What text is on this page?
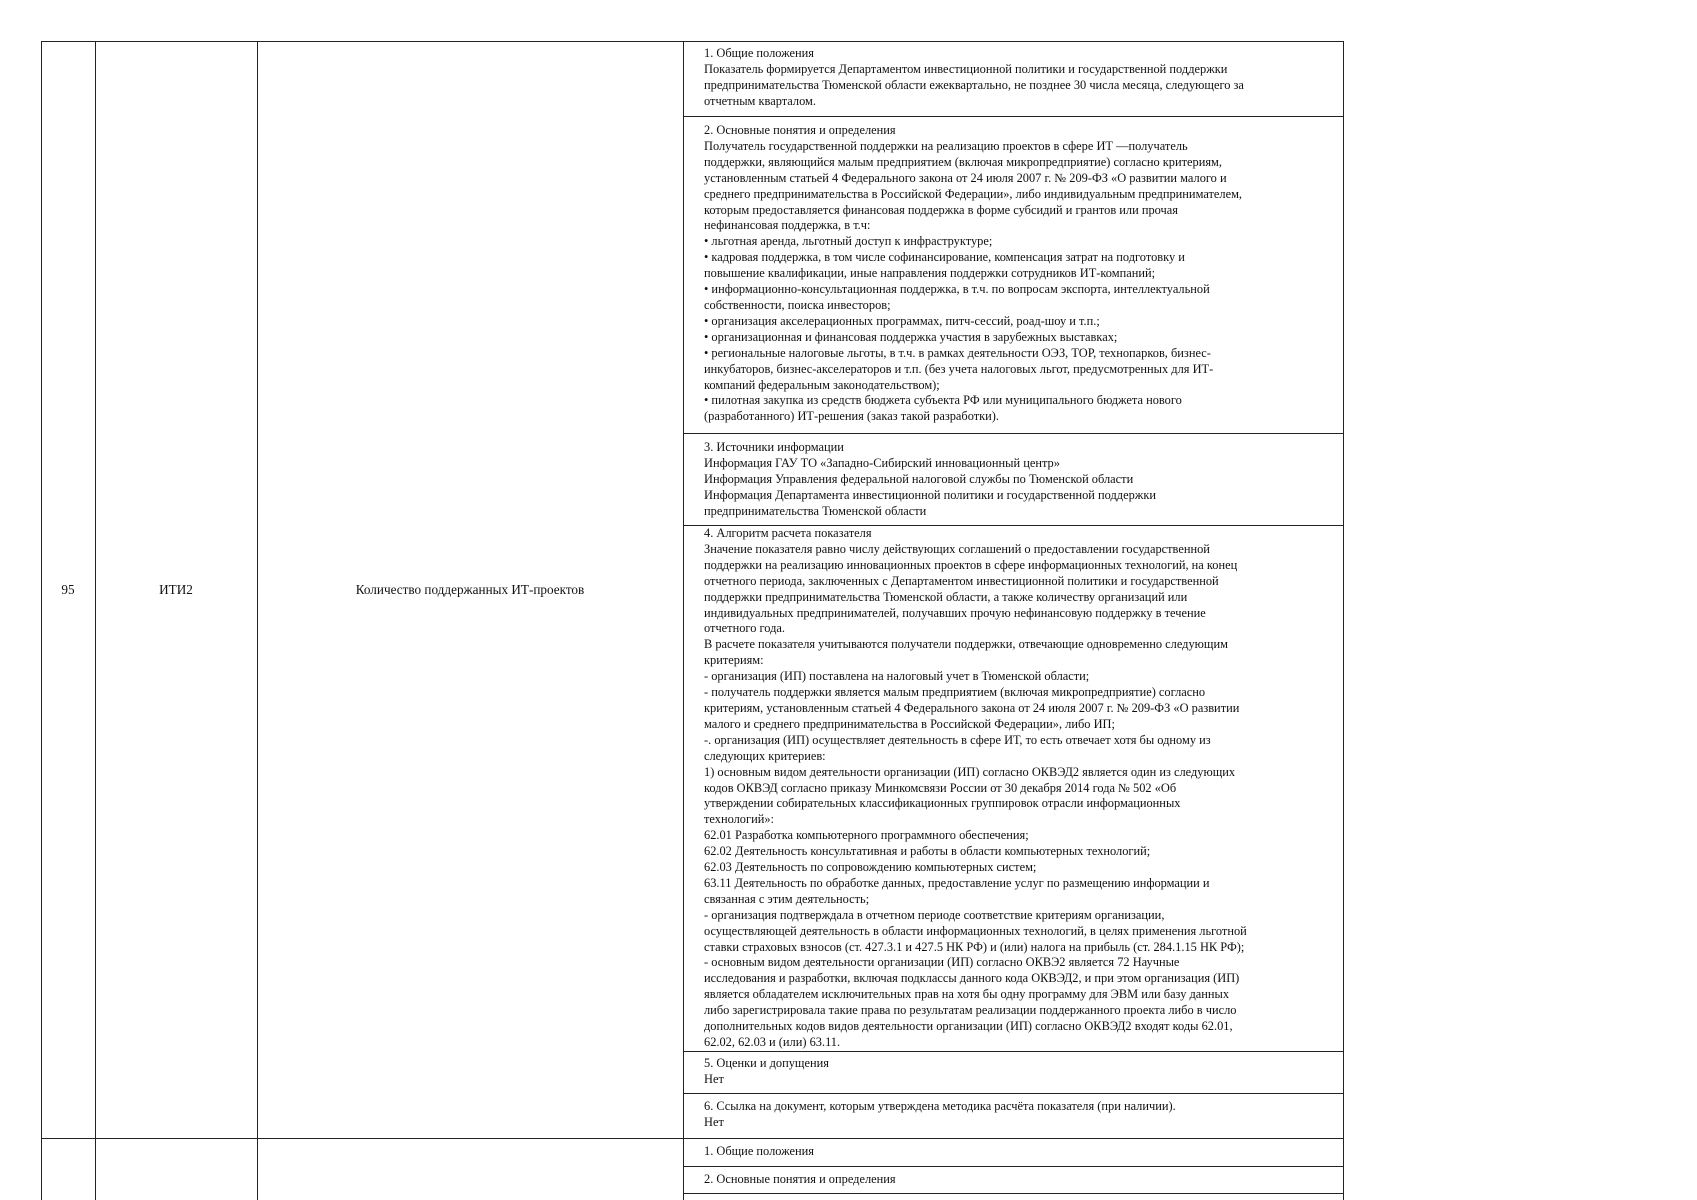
95	ИТИ2	Количество поддержанных ИТ-проектов
1. Общие положения
Показатель формируется Департаментом инвестиционной политики и государственной поддержки
предпринимательства Тюменской области ежеквартально, не позднее 30 числа месяца, следующего за
отчетным кварталом.
2. Основные понятия и определения
Получатель государственной поддержки на реализацию проектов в сфере ИТ —получатель
поддержки, являющийся малым предприятием (включая микропредприятие) согласно критериям,
установленным статьей 4 Федерального закона от 24 июля 2007 г. № 209-ФЗ «О развитии малого и
среднего предпринимательства в Российской Федерации», либо индивидуальным предпринимателем,
которым предоставляется финансовая поддержка в форме субсидий и грантов или прочая
нефинансовая поддержка, в т.ч:
• льготная аренда, льготный доступ к инфраструктуре;
• кадровая поддержка, в том числе софинансирование, компенсация затрат на подготовку и
повышение квалификации, иные направления поддержки сотрудников ИТ-компаний;
• информационно-консультационная поддержка, в т.ч. по вопросам экспорта, интеллектуальной
собственности, поиска инвесторов;
• организация акселерационных программах, питч-сессий, роад-шоу и т.п.;
• организационная и финансовая поддержка участия в зарубежных выставках;
• региональные налоговые льготы, в т.ч. в рамках деятельности ОЭЗ, ТОР, технопарков, бизнес-
инкубаторов, бизнес-акселераторов и т.п. (без учета налоговых льгот, предусмотренных для ИТ-
компаний федеральным законодательством);
• пилотная закупка из средств бюджета субъекта РФ или муниципального бюджета нового
(разработанного) ИТ-решения (заказ такой разработки).
3. Источники информации
Информация ГАУ ТО «Западно-Сибирский инновационный центр»
Информация Управления федеральной налоговой службы по Тюменской области
Информация Департамента инвестиционной политики и государственной поддержки
предпринимательства Тюменской области
4. Алгоритм расчета показателя
Значение показателя равно числу действующих соглашений о предоставлении государственной
поддержки на реализацию инновационных проектов в сфере информационных технологий, на конец
отчетного периода, заключенных с Департаментом инвестиционной политики и государственной
поддержки предпринимательства Тюменской области, а также количеству организаций или
индивидуальных предпринимателей, получавших прочую нефинансовую поддержку в течение
отчетного года.
В расчете показателя учитываются получатели поддержки, отвечающие одновременно следующим
критериям:
- организация (ИП) поставлена на налоговый учет в Тюменской области;
- получатель поддержки является малым предприятием (включая микропредприятие) согласно
критериям, установленным статьей 4 Федерального закона от 24 июля 2007 г. № 209-ФЗ «О развитии
малого и среднего предпринимательства в Российской Федерации», либо ИП;
-. организация (ИП) осуществляет деятельность в сфере ИТ, то есть отвечает хотя бы одному из
следующих критериев:
1) основным видом деятельности организации (ИП) согласно ОКВЭД2 является один из следующих
кодов ОКВЭД согласно приказу Минкомсвязи России от 30 декабря 2014 года № 502 «Об
утверждении собирательных классификационных группировок отрасли информационных
технологий»:
62.01 Разработка компьютерного программного обеспечения;
62.02 Деятельность консультативная и работы в области компьютерных технологий;
62.03 Деятельность по сопровождению компьютерных систем;
63.11 Деятельность по обработке данных, предоставление услуг по размещению информации и
связанная с этим деятельность;
- организация подтверждала в отчетном периоде соответствие критериям организации,
осуществляющей деятельность в области информационных технологий, в целях применения льготной
ставки страховых взносов (ст. 427.3.1 и 427.5 НК РФ) и (или) налога на прибыль (ст. 284.1.15 НК РФ);
- основным видом деятельности организации (ИП) согласно ОКВЭ2 является 72 Научные
исследования и разработки, включая подклассы данного кода ОКВЭД2, и при этом организация (ИП)
является обладателем исключительных прав на хотя бы одну программу для ЭВМ или базу данных
либо зарегистрировала такие права по результатам реализации поддержанного проекта либо в число
дополнительных кодов видов деятельности организации (ИП) согласно ОКВЭД2 входят коды 62.01,
62.02, 62.03 и (или) 63.11.
5. Оценки и допущения
Нет
6. Ссылка на документ, которым утверждена методика расчёта показателя (при наличии).
Нет
1. Общие положения
2. Основные понятия и определения
